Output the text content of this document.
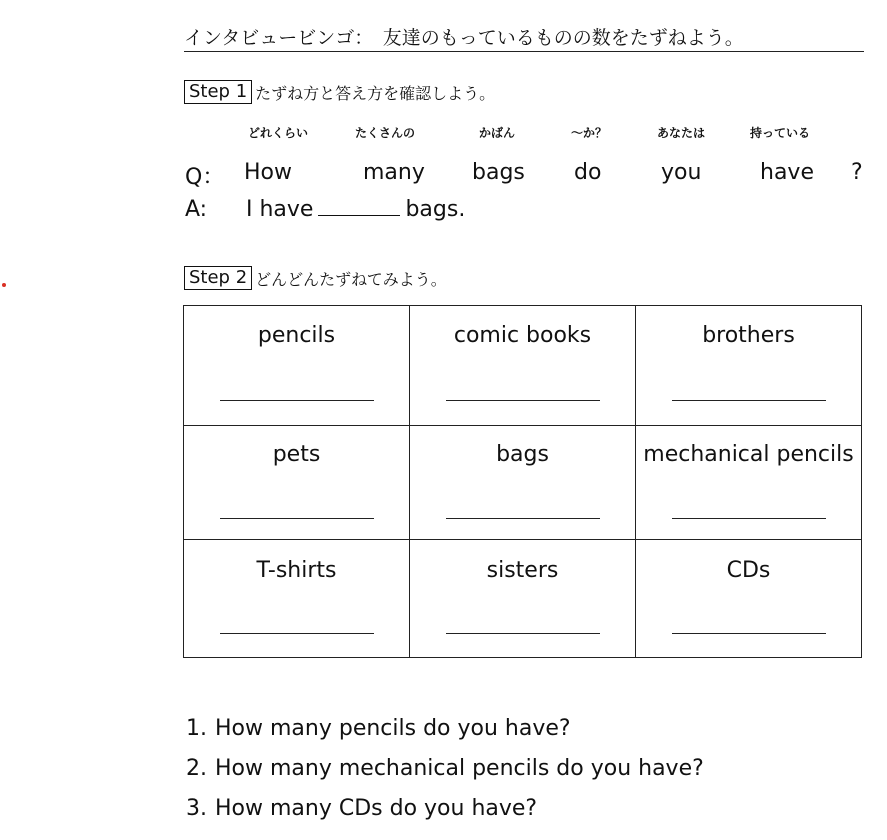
インタビュービンゴ：　友達のもっているものの数をたずねよう。
Step 1 たずね方と答え方を確認しよう。
どれくらい	たくさんの	かばん	～か？	あなたは	持っている
Q： How	many bags do	you	have ?
A: I have	bags.
Step 2 どんどんたずねてみよう。
pencils	comic books	brothers

pets	bags	mechanical pencils

T-shirts	sisters	CDs
1. How many pencils do you have?
2. How many mechanical pencils do you have?
3. How many CDs do you have?
